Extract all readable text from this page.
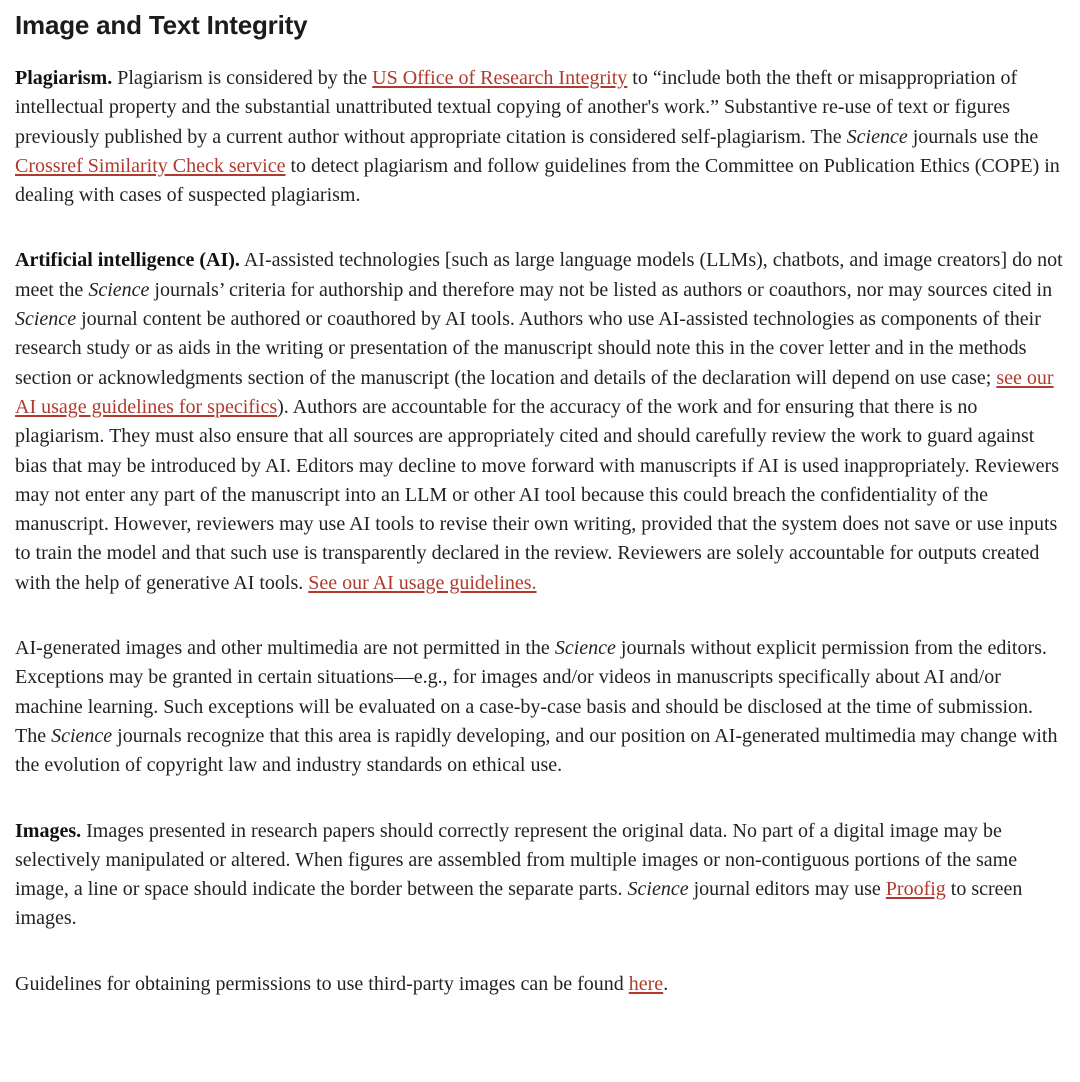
Image and Text Integrity

Plagiarism. Plagiarism is considered by the US Office of Research Integrity to “include both the theft or misappropriation of intellectual property and the substantial unattributed textual copying of another's work.” Substantive re-use of text or figures previously published by a current author without appropriate citation is considered self-plagiarism. The Science journals use the Crossref Similarity Check service to detect plagiarism and follow guidelines from the Committee on Publication Ethics (COPE) in dealing with cases of suspected plagiarism.

Artificial intelligence (AI). AI-assisted technologies [such as large language models (LLMs), chatbots, and image creators] do not meet the Science journals’ criteria for authorship and therefore may not be listed as authors or coauthors, nor may sources cited in Science journal content be authored or coauthored by AI tools. Authors who use AI-assisted technologies as components of their research study or as aids in the writing or presentation of the manuscript should note this in the cover letter and in the methods section or acknowledgments section of the manuscript (the location and details of the declaration will depend on use case; see our AI usage guidelines for specifics). Authors are accountable for the accuracy of the work and for ensuring that there is no plagiarism. They must also ensure that all sources are appropriately cited and should carefully review the work to guard against bias that may be introduced by AI. Editors may decline to move forward with manuscripts if AI is used inappropriately. Reviewers may not enter any part of the manuscript into an LLM or other AI tool because this could breach the confidentiality of the manuscript. However, reviewers may use AI tools to revise their own writing, provided that the system does not save or use inputs to train the model and that such use is transparently declared in the review. Reviewers are solely accountable for outputs created with the help of generative AI tools. See our AI usage guidelines.

AI-generated images and other multimedia are not permitted in the Science journals without explicit permission from the editors. Exceptions may be granted in certain situations—e.g., for images and/or videos in manuscripts specifically about AI and/or machine learning. Such exceptions will be evaluated on a case-by-case basis and should be disclosed at the time of submission. The Science journals recognize that this area is rapidly developing, and our position on AI-generated multimedia may change with the evolution of copyright law and industry standards on ethical use.

Images. Images presented in research papers should correctly represent the original data. No part of a digital image may be selectively manipulated or altered. When figures are assembled from multiple images or non-contiguous portions of the same image, a line or space should indicate the border between the separate parts. Science journal editors may use Proofig to screen images.

Guidelines for obtaining permissions to use third-party images can be found here.
